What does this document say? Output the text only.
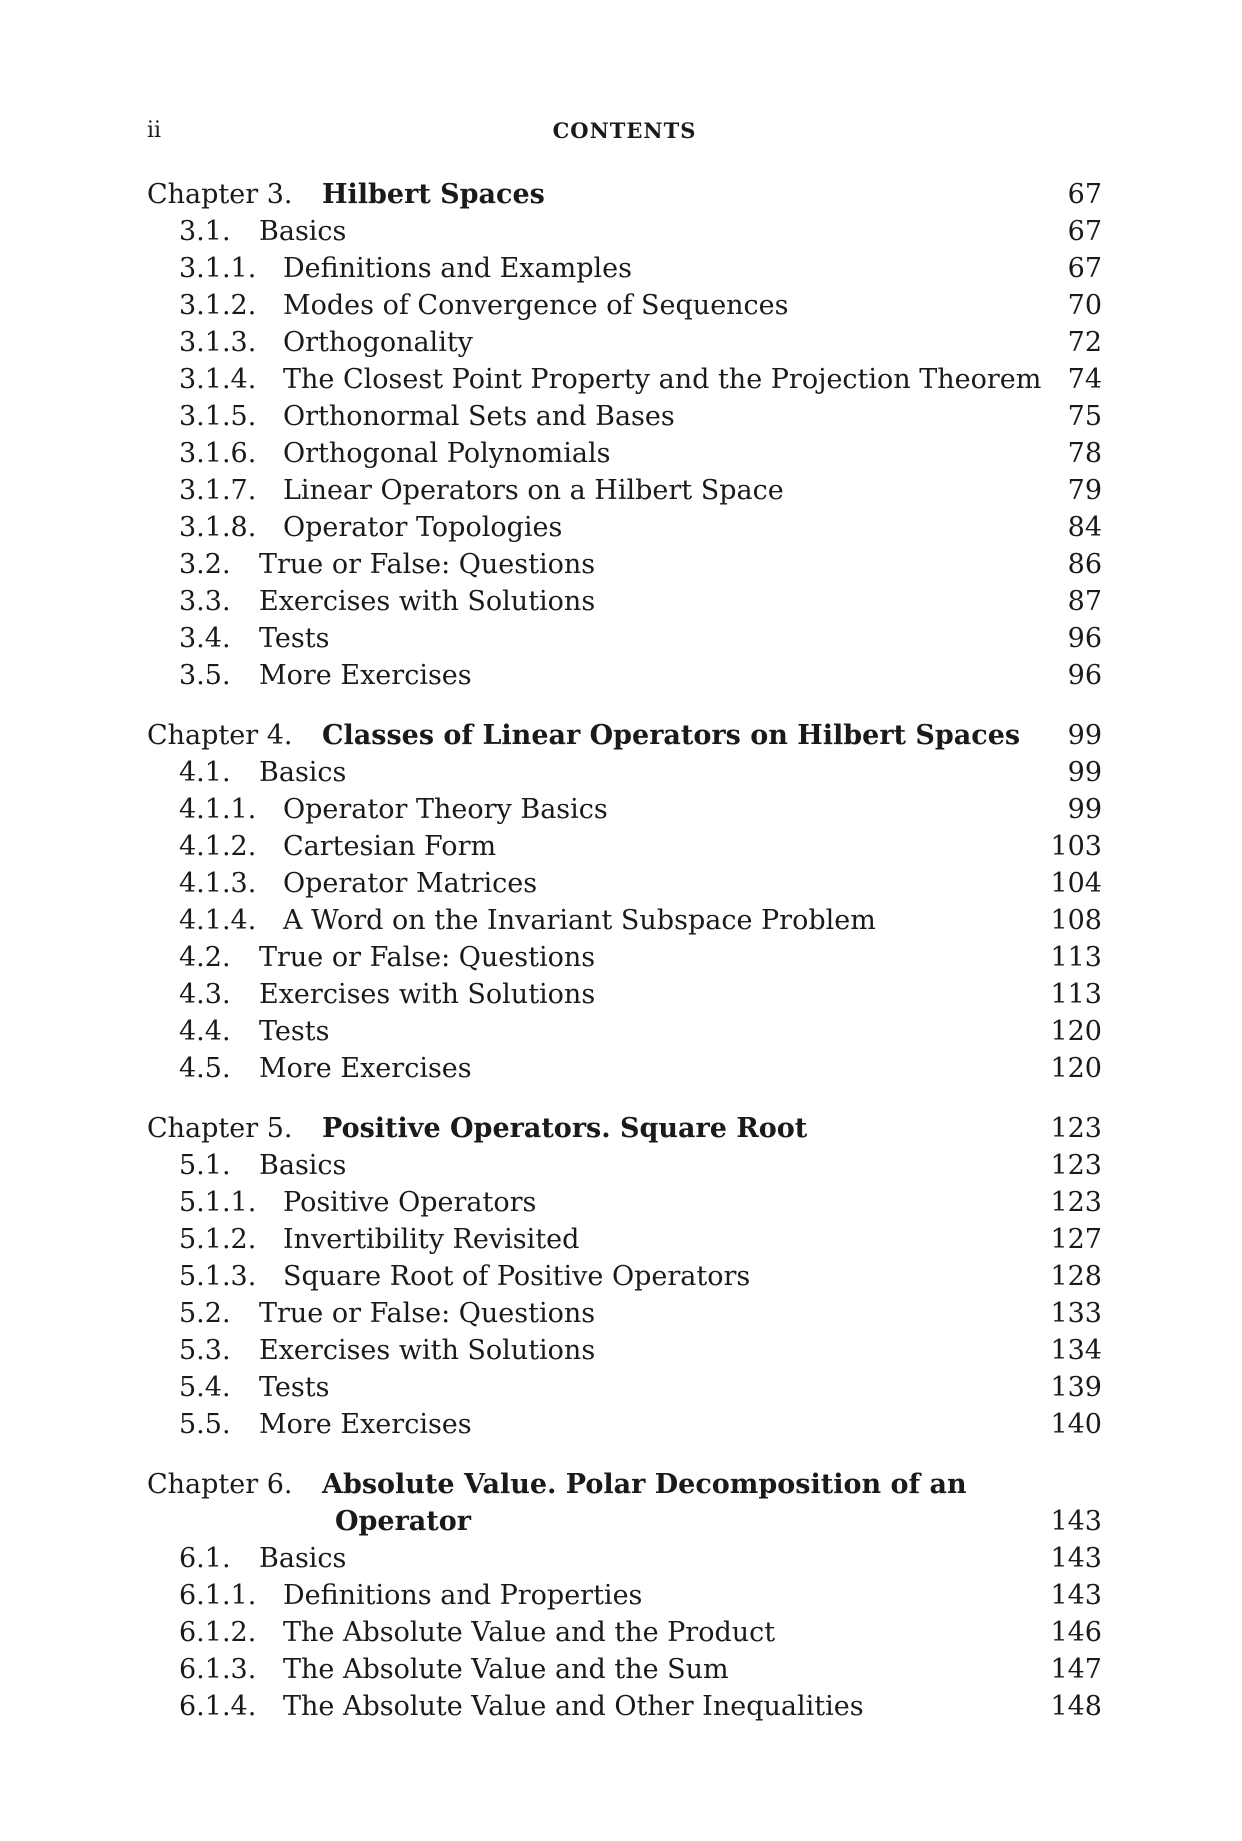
ii	CONTENTS
Chapter 3. Hilbert Spaces	67
3.1. Basics	67
3.1.1. Definitions and Examples	67
3.1.2. Modes of Convergence of Sequences	70
3.1.3. Orthogonality	72
3.1.4. The Closest Point Property and the Projection Theorem 74
3.1.5. Orthonormal Sets and Bases	75
3.1.6. Orthogonal Polynomials	78
3.1.7. Linear Operators on a Hilbert Space	79
3.1.8. Operator Topologies	84
3.2. True or False: Questions	86
3.3. Exercises with Solutions	87
3.4. Tests	96
3.5. More Exercises	96
Chapter 4. Classes of Linear Operators on Hilbert Spaces 99
4.1. Basics	99
4.1.1. Operator Theory Basics	99
4.1.2. Cartesian Form	103
4.1.3. Operator Matrices	104
4.1.4. A Word on the Invariant Subspace Problem	108
4.2. True or False: Questions	113
4.3. Exercises with Solutions	113
4.4. Tests	120
4.5. More Exercises	120
Chapter 5. Positive Operators. Square Root	123
5.1. Basics	123
5.1.1. Positive Operators	123
5.1.2. Invertibility Revisited	127
5.1.3. Square Root of Positive Operators	128
5.2. True or False: Questions	133
5.3. Exercises with Solutions	134
5.4. Tests	139
5.5. More Exercises	140
Chapter 6. Absolute Value. Polar Decomposition of an
Operator	143
6.1. Basics	143
6.1.1. Definitions and Properties	143
6.1.2. The Absolute Value and the Product	146
6.1.3. The Absolute Value and the Sum	147
6.1.4. The Absolute Value and Other Inequalities	148
